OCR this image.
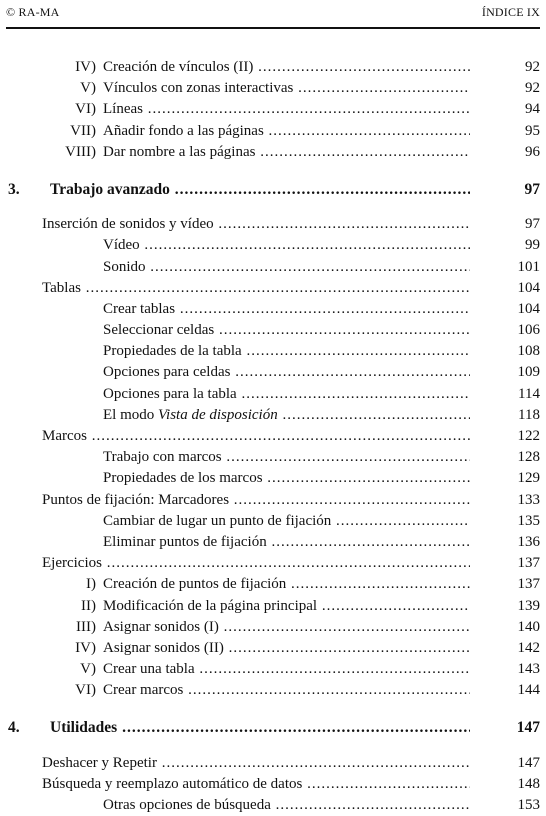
© RA-MA	ÍNDICE IX
IV) Creación de vínculos (II) .....	92
V) Vínculos con zonas interactivas .....	92
VI) Líneas .....	94
VII) Añadir fondo a las páginas .....	95
VIII) Dar nombre a las páginas .....	96
3.	Trabajo avanzado .....	97
Inserción de sonidos y vídeo .....	97
Vídeo .....	99
Sonido .....	101
Tablas .....	104
Crear tablas .....	104
Seleccionar celdas .....	106
Propiedades de la tabla .....	108
Opciones para celdas .....	109
Opciones para la tabla .....	114
El modo Vista de disposición .....	118
Marcos .....	122
Trabajo con marcos .....	128
Propiedades de los marcos .....	129
Puntos de fijación: Marcadores .....	133
Cambiar de lugar un punto de fijación .....	135
Eliminar puntos de fijación .....	136
Ejercicios .....	137
I) Creación de puntos de fijación .....	137
II) Modificación de la página principal .....	139
III) Asignar sonidos (I) .....	140
IV) Asignar sonidos (II) .....	142
V) Crear una tabla .....	143
VI) Crear marcos .....	144
4.	Utilidades .....	147
Deshacer y Repetir .....	147
Búsqueda y reemplazo automático de datos .....	148
Otras opciones de búsqueda .....	153
